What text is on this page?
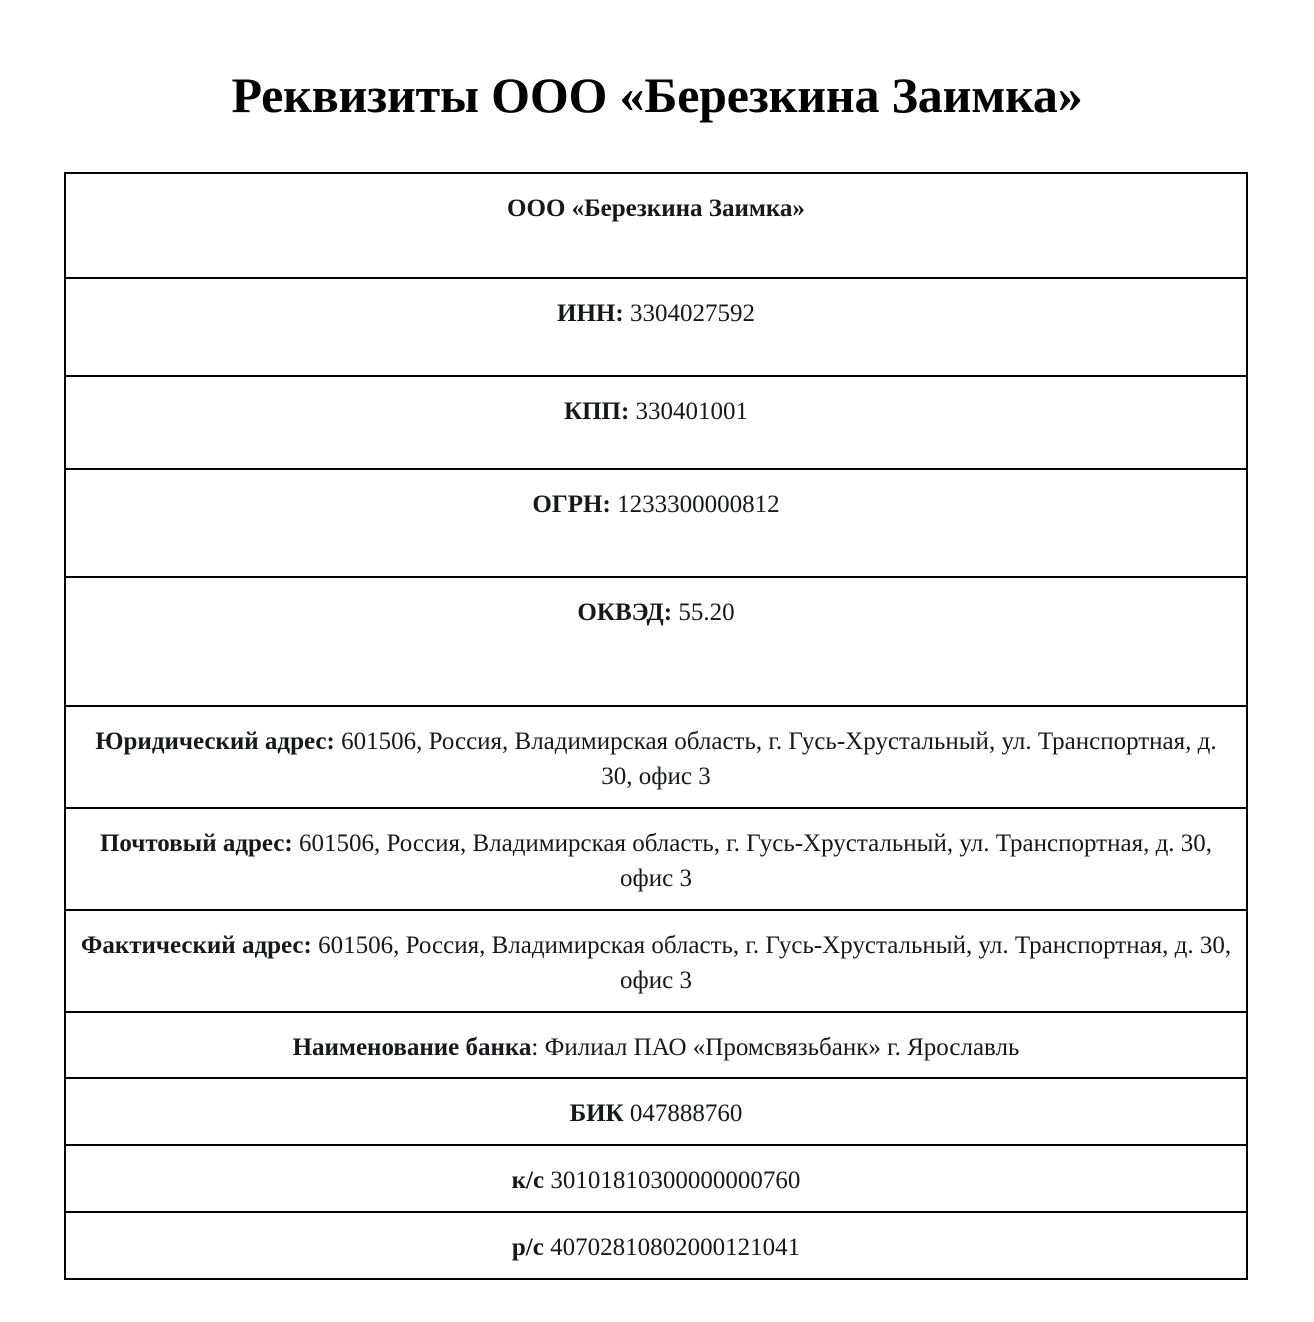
Реквизиты ООО «Березкина Заимка»
ООО «Березкина Заимка»
ИНН: 3304027592
КПП: 330401001
ОГРН: 1233300000812
ОКВЭД: 55.20
Юридический адрес: 601506, Россия, Владимирская область, г. Гусь-Хрустальный, ул. Транспортная, д. 30, офис 3
Почтовый адрес: 601506, Россия, Владимирская область, г. Гусь-Хрустальный, ул. Транспортная, д. 30, офис 3
Фактический адрес: 601506, Россия, Владимирская область, г. Гусь-Хрустальный, ул. Транспортная, д. 30, офис 3
Наименование банка: Филиал ПАО «Промсвязьбанк» г. Ярославль
БИК 047888760
к/с 30101810300000000760
р/с 40702810802000121041
